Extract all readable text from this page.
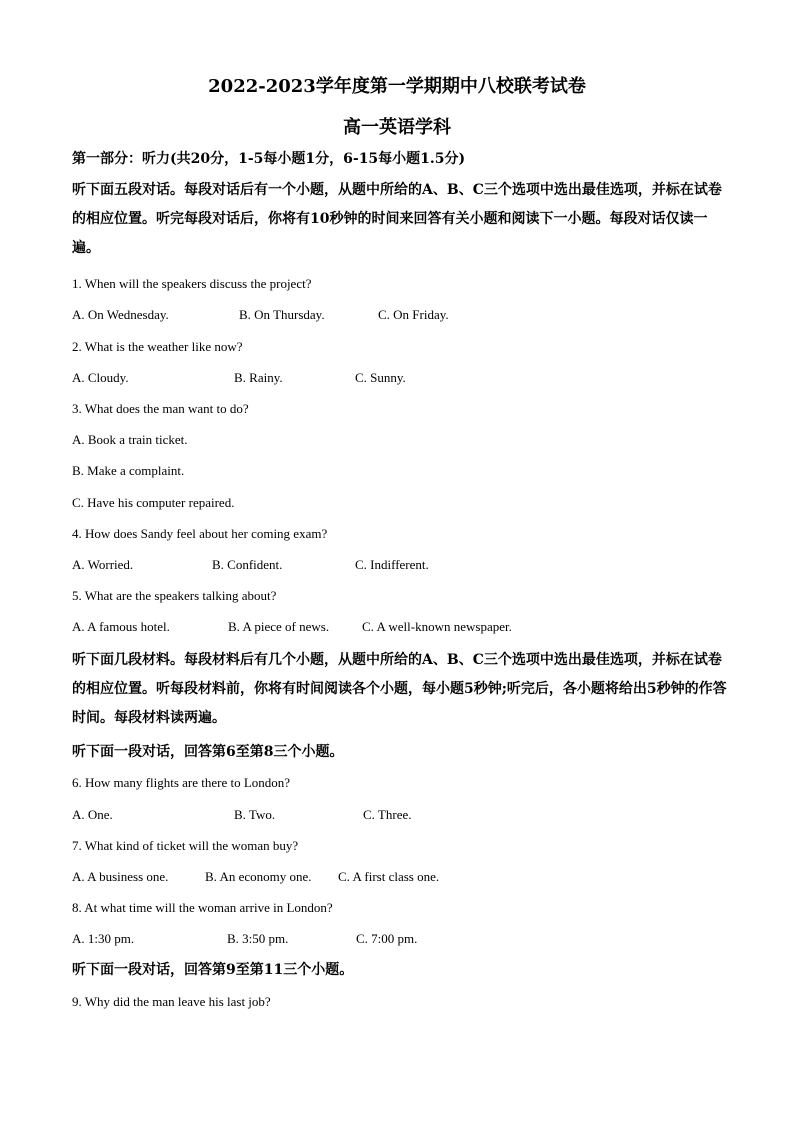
2022-2023学年度第一学期期中八校联考试卷
高一英语学科
第一部分：听力(共20分，1-5每小题1分，6-15每小题1.5分)
听下面五段对话。每段对话后有一个小题，从题中所给的A、B、C三个选项中选出最佳选项，并标在试卷的相应位置。听完每段对话后，你将有10秒钟的时间来回答有关小题和阅读下一小题。每段对话仅读一遍。
1. When will the speakers discuss the project?
A. On Wednesday.	B. On Thursday.	C. On Friday.
2. What is the weather like now?
A. Cloudy.	B. Rainy.	C. Sunny.
3. What does the man want to do?
A. Book a train ticket.
B. Make a complaint.
C. Have his computer repaired.
4. How does Sandy feel about her coming exam?
A. Worried.	B. Confident.	C. Indifferent.
5. What are the speakers talking about?
A. A famous hotel.	B. A piece of news.	C. A well-known newspaper.
听下面几段材料。每段材料后有几个小题，从题中所给的A、B、C三个选项中选出最佳选项，并标在试卷的相应位置。听每段材料前，你将有时间阅读各个小题，每小题5秒钟;听完后，各小题将给出5秒钟的作答时间。每段材料读两遍。
听下面一段对话，回答第6至第8三个小题。
6. How many flights are there to London?
A. One.	B. Two.	C. Three.
7. What kind of ticket will the woman buy?
A. A business one.	B. An economy one. C. A first class one.
8. At what time will the woman arrive in London?
A. 1:30 pm.	B. 3:50 pm.	C. 7:00 pm.
听下面一段对话，回答第9至第11三个小题。
9. Why did the man leave his last job?
